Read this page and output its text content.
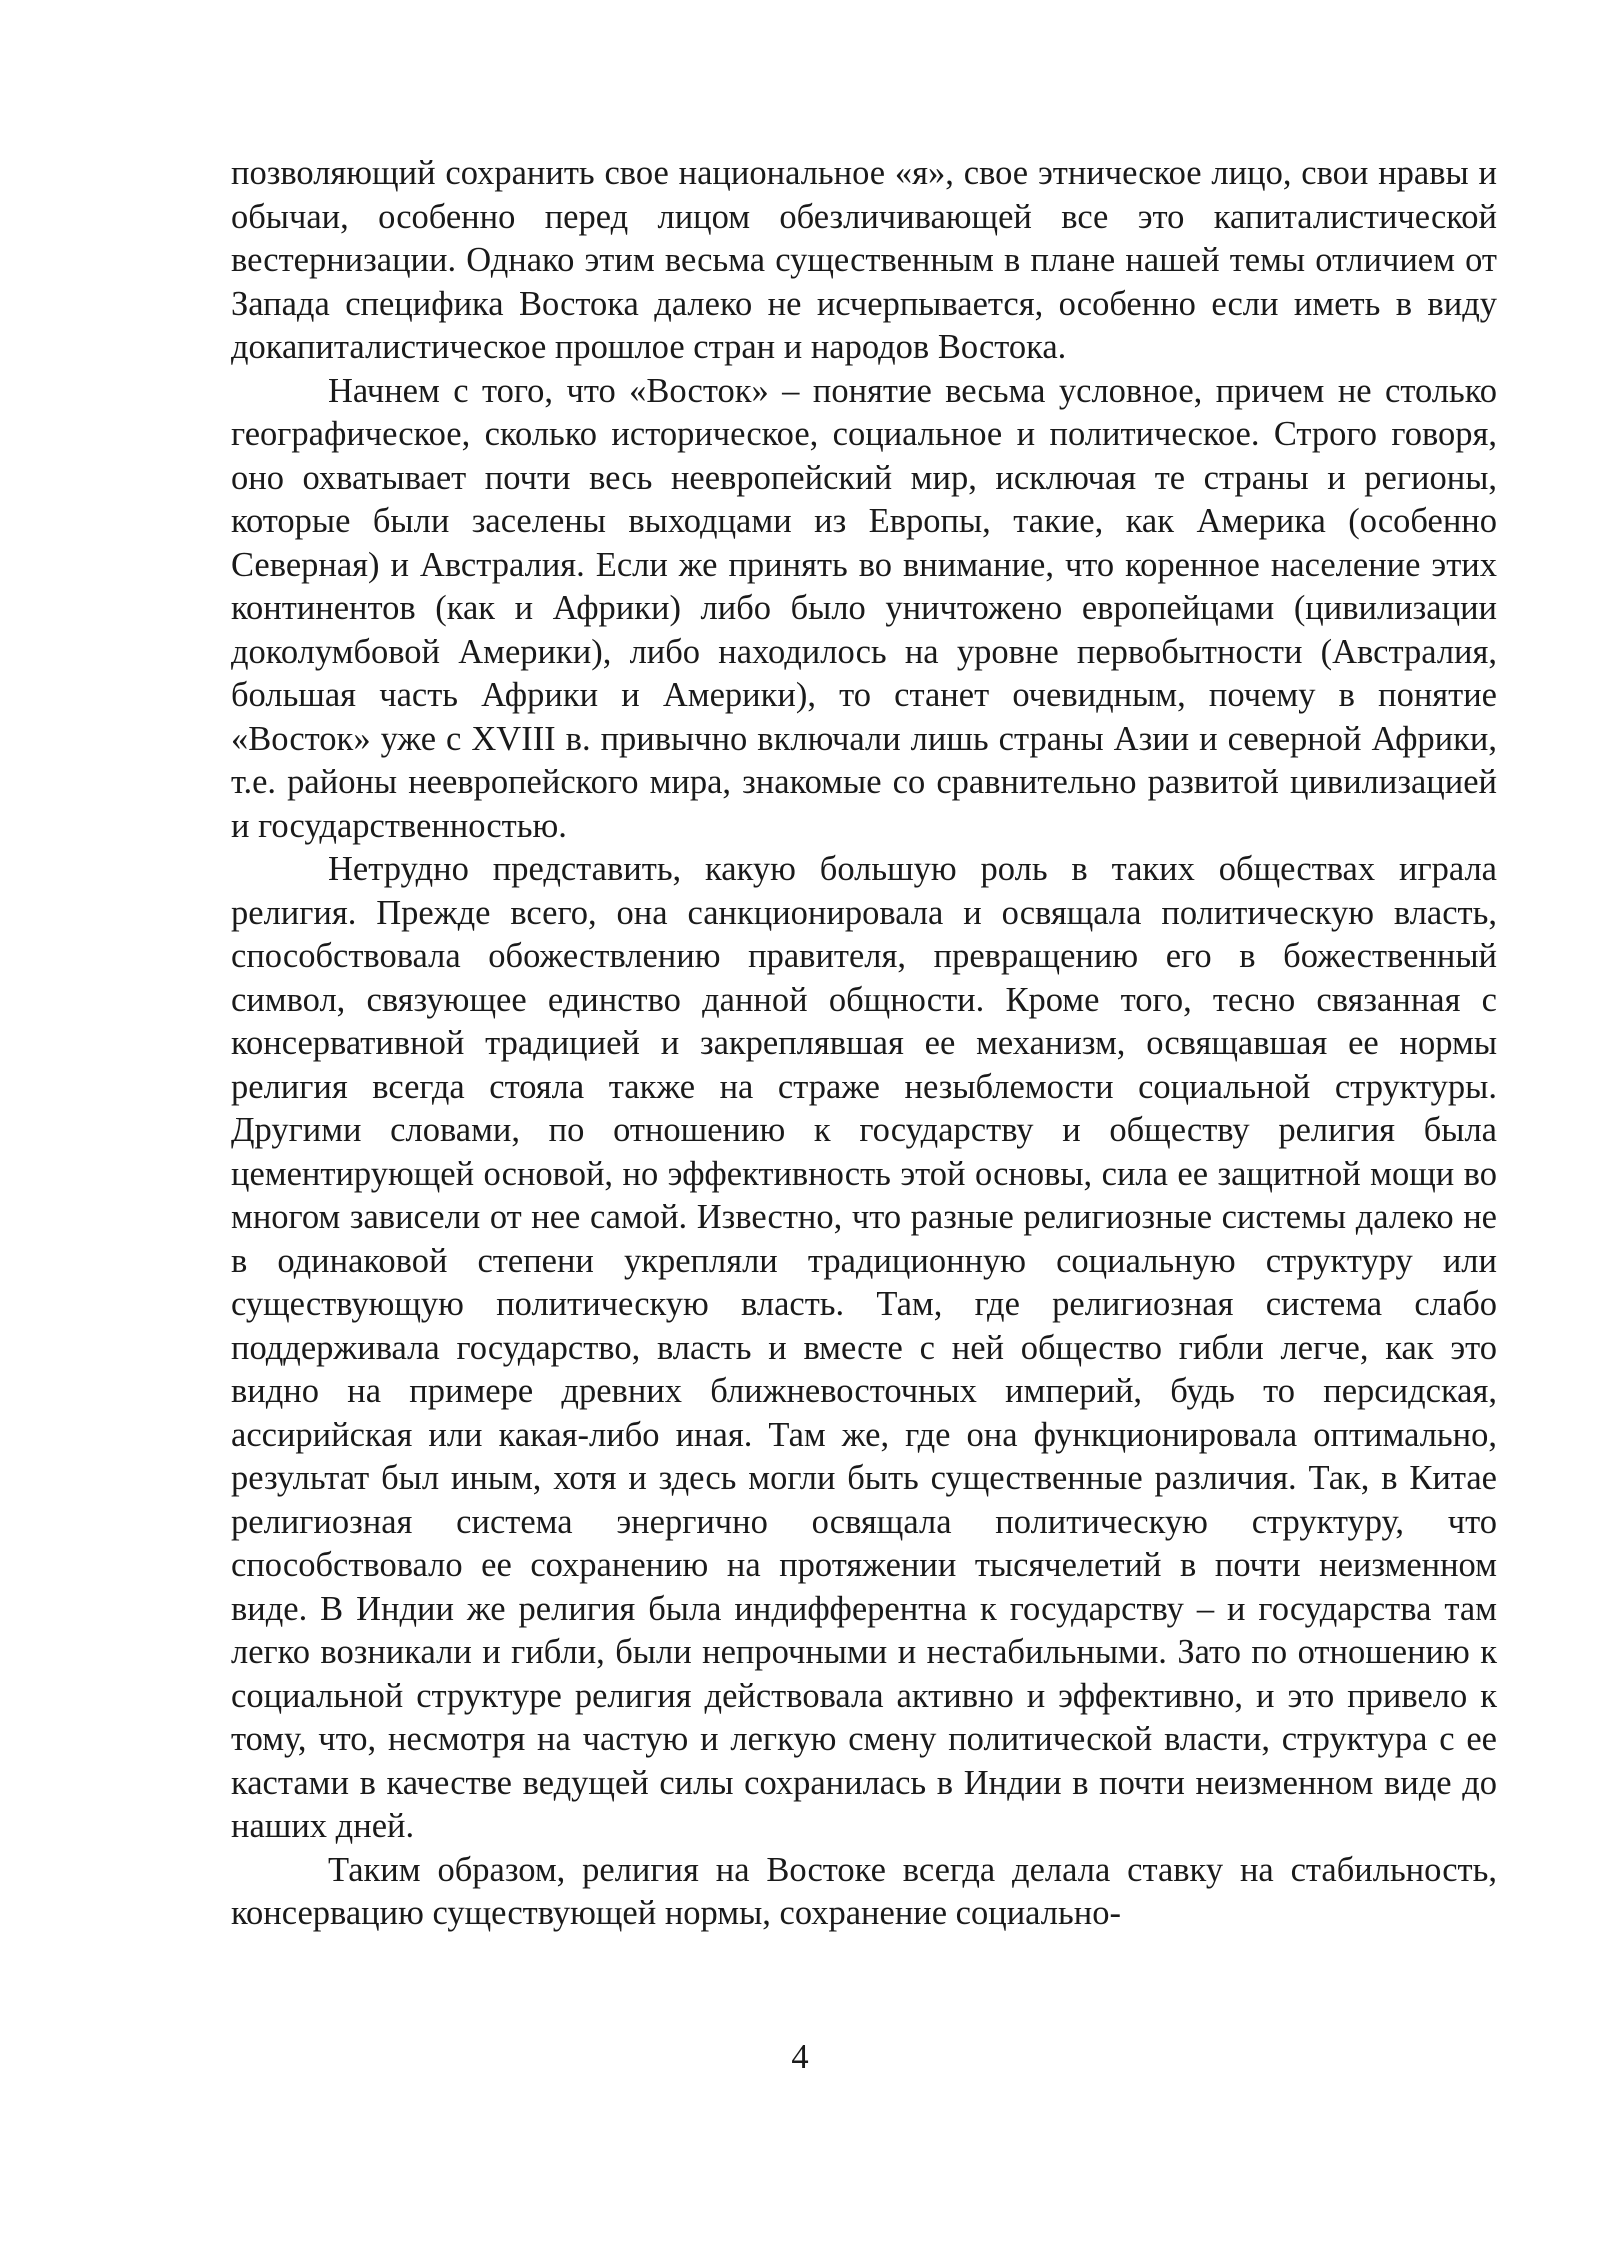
позволяющий сохранить свое национальное «я», свое этническое лицо, свои нравы и обычаи, особенно перед лицом обезличивающей все это капиталистической вестернизации. Однако этим весьма существенным в плане нашей темы отличием от Запада специфика Востока далеко не исчерпывается, особенно если иметь в виду докапиталистическое прошлое стран и народов Востока.

Начнем с того, что «Восток» – понятие весьма условное, причем не столько географическое, сколько историческое, социальное и политическое. Строго говоря, оно охватывает почти весь неевропейский мир, исключая те страны и регионы, которые были заселены выходцами из Европы, такие, как Америка (особенно Северная) и Австралия. Если же принять во внимание, что коренное население этих континентов (как и Африки) либо было уничтожено европейцами (цивилизации доколумбовой Америки), либо находилось на уровне первобытности (Австралия, большая часть Африки и Америки), то станет очевидным, почему в понятие «Восток» уже с XVIII в. привычно включали лишь страны Азии и северной Африки, т.е. районы неевропейского мира, знакомые со сравнительно развитой цивилизацией и государственностью.

Нетрудно представить, какую большую роль в таких обществах играла религия. Прежде всего, она санкционировала и освящала политическую власть, способствовала обожествлению правителя, превращению его в божественный символ, связующее единство данной общности. Кроме того, тесно связанная с консервативной традицией и закреплявшая ее механизм, освящавшая ее нормы религия всегда стояла также на страже незыблемости социальной структуры. Другими словами, по отношению к государству и обществу религия была цементирующей основой, но эффективность этой основы, сила ее защитной мощи во многом зависели от нее самой. Известно, что разные религиозные системы далеко не в одинаковой степени укрепляли традиционную социальную структуру или существующую политическую власть. Там, где религиозная система слабо поддерживала государство, власть и вместе с ней общество гибли легче, как это видно на примере древних ближневосточных империй, будь то персидская, ассирийская или какая-либо иная. Там же, где она функционировала оптимально, результат был иным, хотя и здесь могли быть существенные различия. Так, в Китае религиозная система энергично освящала политическую структуру, что способствовало ее сохранению на протяжении тысячелетий в почти неизменном виде. В Индии же религия была индифферентна к государству – и государства там легко возникали и гибли, были непрочными и нестабильными. Зато по отношению к социальной структуре религия действовала активно и эффективно, и это привело к тому, что, несмотря на частую и легкую смену политической власти, структура с ее кастами в качестве ведущей силы сохранилась в Индии в почти неизменном виде до наших дней.

Таким образом, религия на Востоке всегда делала ставку на стабильность, консервацию существующей нормы, сохранение социально-

4
